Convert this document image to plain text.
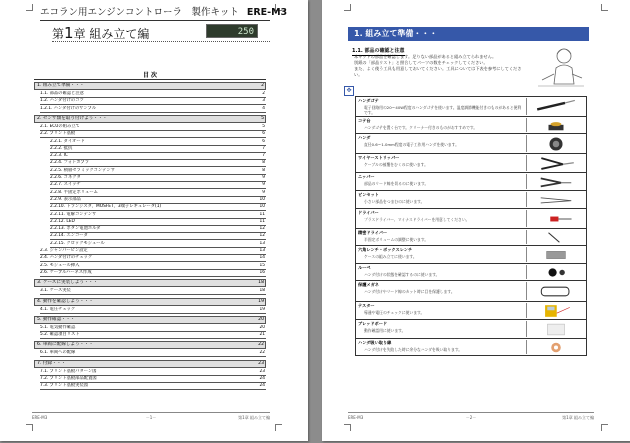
エコラン用エンジンコントローラ　製作キット ERE-M3
第1章 組み立て編	250
目 次
ERE-M3	－1－	第1章 組み立て編
1. 組み立て準備・・・	2
1.1. 部品の確認と注意	2
1.2. ハンダ付けのコツ	3
1.2.1. ハンダ付けのサンプル	4
2. センサ類を取り付けよう・・・	5
2.1. ECUの組み立て	5
2.2. プリント基板	6
2.2.1. ダイオード	6
2.2.2. 抵抗	7
2.2.3. IC	7
2.2.4. フォトカプラ	8
2.2.5. 積層セラミックコンデンサ	8
2.2.6. コネクタ	9
2.2.7. スイッチ	9
2.2.8. 半固定ボリューム	9
2.2.9. 表示部品	10
2.2.10. トランジスタ、MOSFET、3端子レギュレータ(1)	10
2.2.11. 電解コンデンサ	11
2.2.12. LED	11
2.2.13. ボタン電池ホルダ	12
2.2.14. エンコーダ	12
2.2.15. クロックモジュール	13
2.3. ジャンパーピン設定	13
2.4. ハンダ付けのチェック	14
2.5. モジュール挿入	15
2.6. ケーブルハーネス作成	16
3. ケースに実装しよう・・・	18
3.1. ケース実装	18
4. 動作を確認しよう・・・	19
4.1. 電圧チェック	19
5. 動作確認・・・	20
5.1. 電気動作確認	20
5.2. 確認項目リスト	21
6. 車両に配線しよう・・・	22
6.1. 車両への配線	22
7. 付録・・・	23
7.1. プリント基板パターン図	23
7.2. プリント基板部品配置図	24
7.3. プリント基板実装図	24
1. 組み立て準備・・・
1.1. 部品の確認と注意
本キットの部品を確認します。足りない部品があると組み立てられません。
別紙の「部品リスト」と照合してパーツの数をチェックしてください。
また、よく使う工具も用意しておいてください。工具については下表を参考にしてください。
✥
ハンダゴテ
電子回路用の20〜40W程度のハンダゴテを使います。温度調節機能付きのものがあると便利です。
コテ台
ハンダゴテを置く台です。クリーナー付きのものがおすすめです。
ハンダ
直径0.6〜1.0mm程度の電子工作用ハンダを使います。
ワイヤーストリッパー
ケーブルの被覆をむくのに使います。
ニッパー
部品のリード線を切るのに使います。
ピンセット
小さい部品をつまむのに使います。
ドライバー
プラスドライバー、マイナスドライバーを用意してください。
精密ドライバー
半固定ボリュームの調整に使います。
六角レンチ・ボックスレンチ
ケースの組み立てに使います。
ルーペ
ハンダ付けの状態を確認するのに使います。
保護メガネ
ハンダ付けやリード線のカット時に目を保護します。
テスター
導通や電圧のチェックに使います。
ブレッドボード
動作確認用に使います。
ハンダ吸い取り線
ハンダ付けを失敗した時に余分なハンダを吸い取ります。
ERE-M3	－2－	第1章 組み立て編
